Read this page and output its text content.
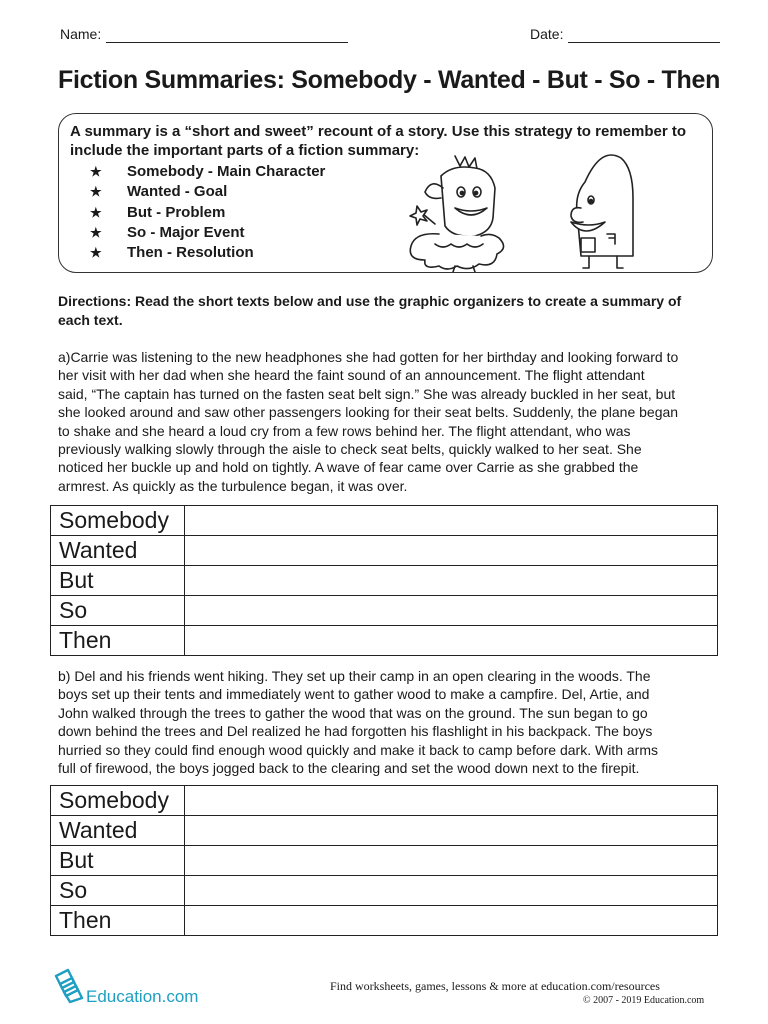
Name:	Date:
Fiction Summaries: Somebody - Wanted - But - So - Then
A summary is a “short and sweet” recount of a story. Use this strategy to remember to include the important parts of a fiction summary:
★ Somebody - Main Character
★ Wanted - Goal
★ But - Problem
★ So - Major Event
★ Then - Resolution
Directions: Read the short texts below and use the graphic organizers to create a summary of each text.
a)Carrie was listening to the new headphones she had gotten for her birthday and looking forward to
her visit with her dad when she heard the faint sound of an announcement. The flight attendant
said, “The captain has turned on the fasten seat belt sign.” She was already buckled in her seat, but
she looked around and saw other passengers looking for their seat belts. Suddenly, the plane began
to shake and she heard a loud cry from a few rows behind her. The flight attendant, who was
previously walking slowly through the aisle to check seat belts, quickly walked to her seat. She
noticed her buckle up and hold on tightly. A wave of fear came over Carrie as she grabbed the
armrest. As quickly as the turbulence began, it was over.
Somebody	
Wanted	
But	
So	
Then	
b) Del and his friends went hiking. They set up their camp in an open clearing in the woods. The
boys set up their tents and immediately went to gather wood to make a campfire. Del, Artie, and
John walked through the trees to gather the wood that was on the ground. The sun began to go
down behind the trees and Del realized he had forgotten his flashlight in his backpack. The boys
hurried so they could find enough wood quickly and make it back to camp before dark. With arms
full of firewood, the boys jogged back to the clearing and set the wood down next to the firepit.
Somebody	
Wanted	
But	
So	
Then	
Education.com
Find worksheets, games, lessons & more at education.com/resources
© 2007 - 2019 Education.com
